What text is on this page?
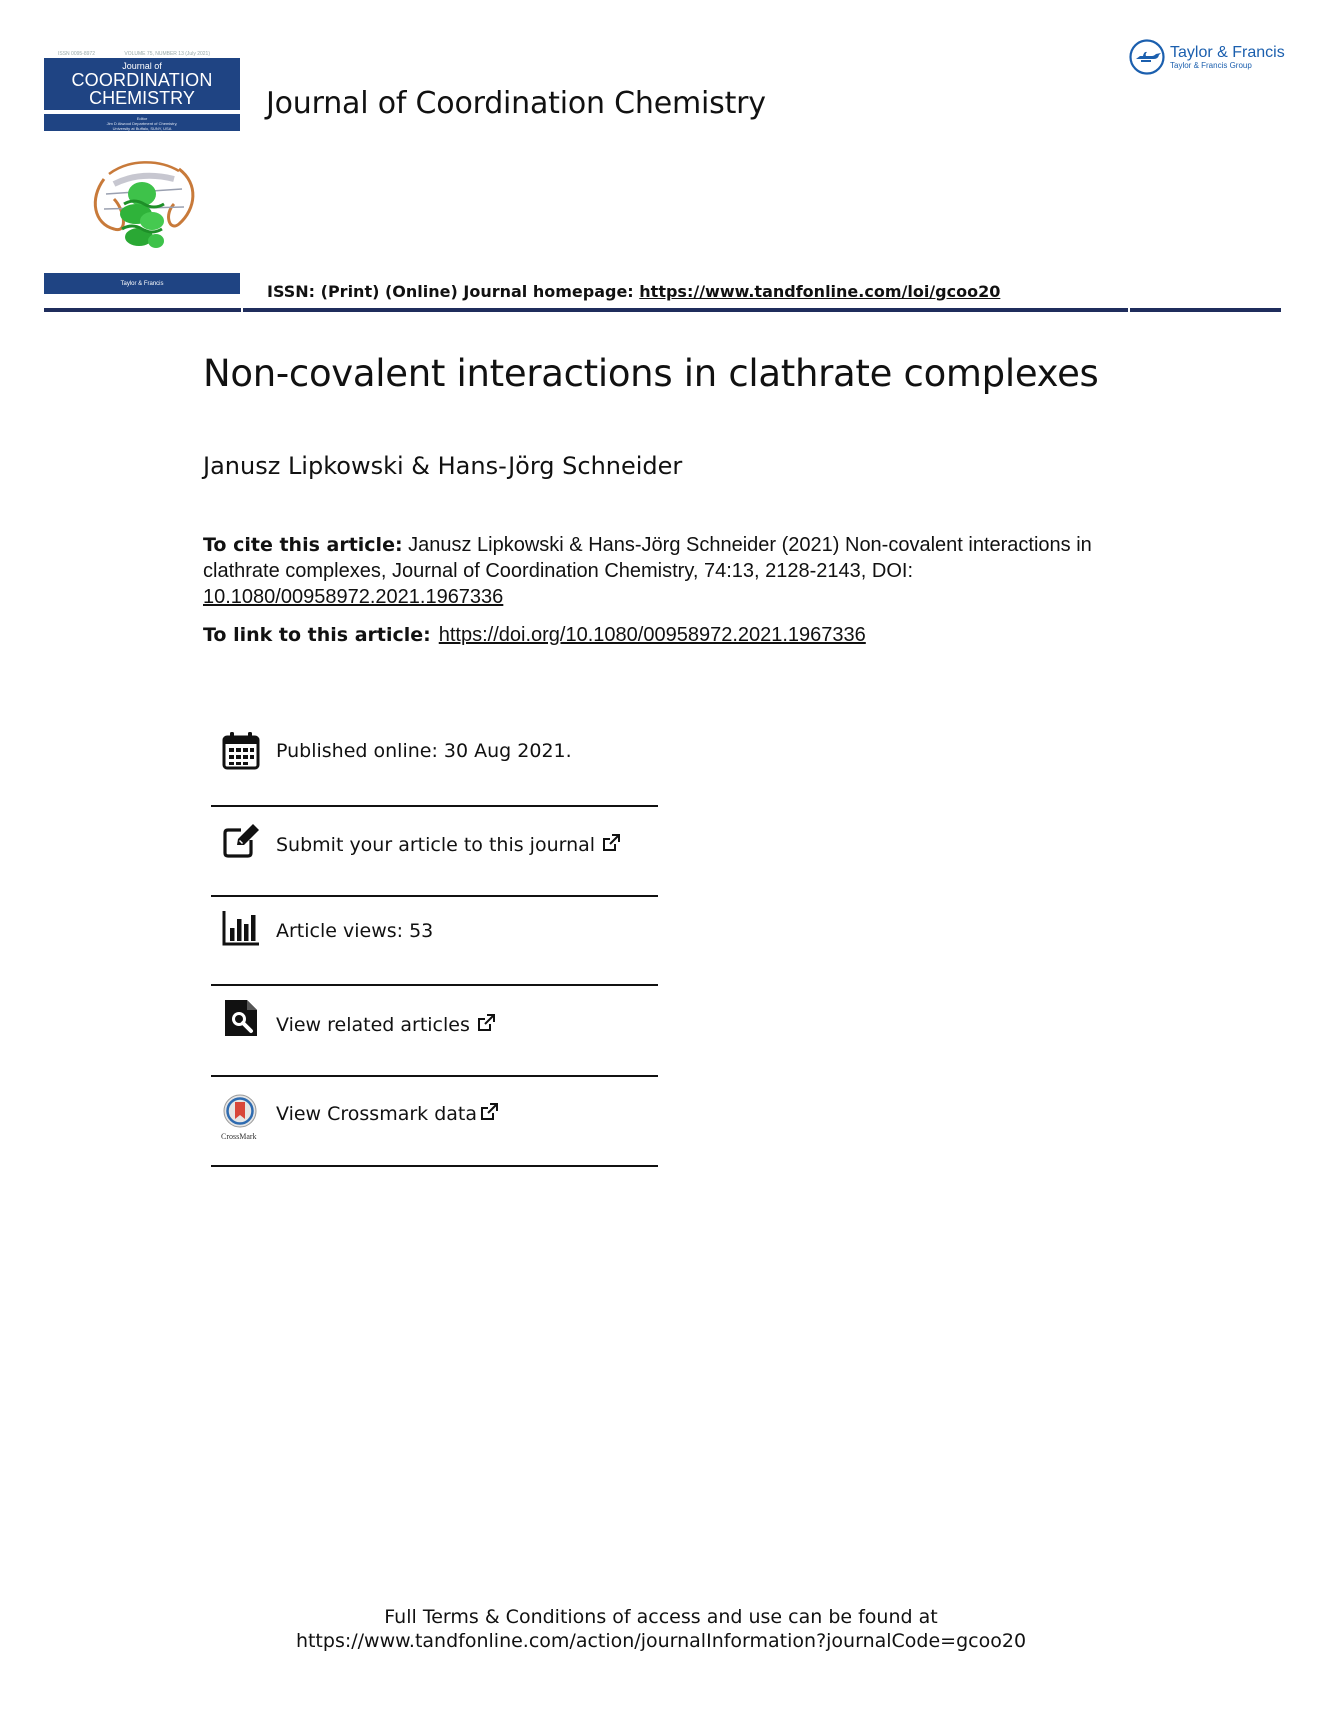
ISSN 0095-8972	VOLUME 75, NUMBER 13 (July 2021)
Journal of
COORDINATION
CHEMISTRY
Editor
Jim D Atwood Department of Chemistry,
University at Buffalo, SUNY, USA
Taylor & Francis
Journal of Coordination Chemistry
Taylor & Francis
Taylor & Francis Group
ISSN: (Print) (Online) Journal homepage: https://www.tandfonline.com/loi/gcoo20
Non-covalent interactions in clathrate complexes
Janusz Lipkowski & Hans-Jörg Schneider
To cite this article: Janusz Lipkowski & Hans-Jörg Schneider (2021) Non-covalent interactions in clathrate complexes, Journal of Coordination Chemistry, 74:13, 2128-2143, DOI: 10.1080/00958972.2021.1967336
To link to this article: https://doi.org/10.1080/00958972.2021.1967336
Published online: 30 Aug 2021.
Submit your article to this journal
Article views: 53
View related articles
CrossMark
View Crossmark data
Full Terms & Conditions of access and use can be found at
https://www.tandfonline.com/action/journalInformation?journalCode=gcoo20
